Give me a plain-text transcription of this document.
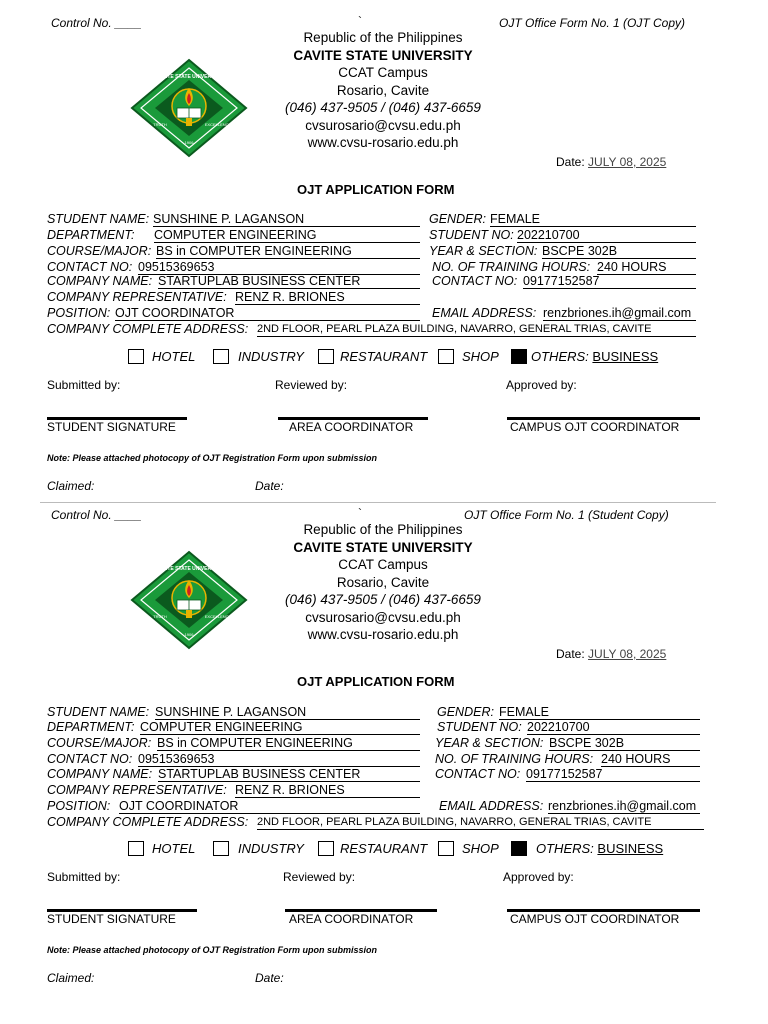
Control No. ____	`	OJT Office Form No. 1 (OJT Copy)
CAVITE STATE UNIVERSITY
TRUTH	EXCELLENCE
1906
Republic of the Philippines
CAVITE STATE UNIVERSITY
CCAT Campus
Rosario, Cavite
(046) 437-9505 / (046) 437-6659
cvsurosario@cvsu.edu.ph
www.cvsu-rosario.edu.ph
Date: JULY 08, 2025
OJT APPLICATION FORM
STUDENT NAME: SUNSHINE P. LAGANSON	GENDER: FEMALE
DEPARTMENT: COMPUTER ENGINEERING	STUDENT NO: 202210700
COURSE/MAJOR: BS in COMPUTER ENGINEERING	YEAR & SECTION: BSCPE 302B
CONTACT NO: 09515369653	NO. OF TRAINING HOURS: 240 HOURS
COMPANY NAME: STARTUPLAB BUSINESS CENTER	CONTACT NO: 09177152587
COMPANY REPRESENTATIVE: RENZ R. BRIONES
POSITION: OJT COORDINATOR	EMAIL ADDRESS: renzbriones.ih@gmail.com
COMPANY COMPLETE ADDRESS: 2ND FLOOR, PEARL PLAZA BUILDING, NAVARRO, GENERAL TRIAS, CAVITE
HOTEL	INDUSTRY	RESTAURANT	SHOP OTHERS: BUSINESS
Submitted by:	Reviewed by:	Approved by:
STUDENT SIGNATURE	AREA COORDINATOR	CAMPUS OJT COORDINATOR
Note: Please attached photocopy of OJT Registration Form upon submission
Claimed:	Date:
Control No. ____	`	OJT Office Form No. 1 (Student Copy)
CAVITE STATE UNIVERSITY
TRUTH	EXCELLENCE
1906
Republic of the Philippines
CAVITE STATE UNIVERSITY
CCAT Campus
Rosario, Cavite
(046) 437-9505 / (046) 437-6659
cvsurosario@cvsu.edu.ph
www.cvsu-rosario.edu.ph
Date: JULY 08, 2025
OJT APPLICATION FORM
STUDENT NAME: SUNSHINE P. LAGANSON	GENDER: FEMALE
DEPARTMENT: COMPUTER ENGINEERING	STUDENT NO: 202210700
COURSE/MAJOR: BS in COMPUTER ENGINEERING	YEAR & SECTION: BSCPE 302B
CONTACT NO: 09515369653	NO. OF TRAINING HOURS: 240 HOURS
COMPANY NAME: STARTUPLAB BUSINESS CENTER	CONTACT NO: 09177152587
COMPANY REPRESENTATIVE: RENZ R. BRIONES
POSITION: OJT COORDINATOR	EMAIL ADDRESS: renzbriones.ih@gmail.com
COMPANY COMPLETE ADDRESS: 2ND FLOOR, PEARL PLAZA BUILDING, NAVARRO, GENERAL TRIAS, CAVITE
HOTEL	INDUSTRY	RESTAURANT	SHOP	OTHERS: BUSINESS
Submitted by:	Reviewed by:	Approved by:
STUDENT SIGNATURE	AREA COORDINATOR	CAMPUS OJT COORDINATOR
Note: Please attached photocopy of OJT Registration Form upon submission
Claimed:	Date:
